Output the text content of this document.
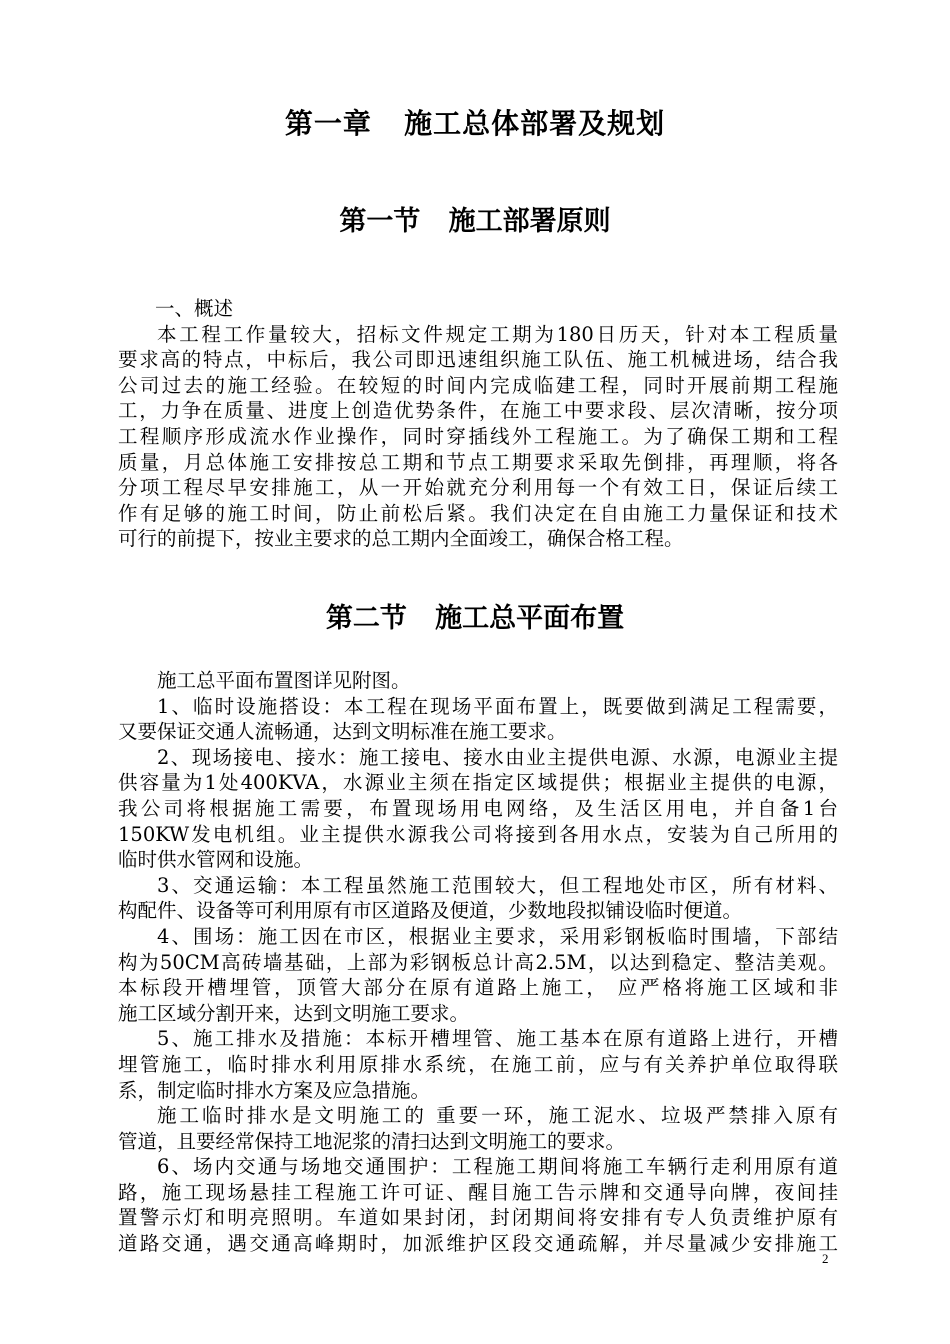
第一章   施工总体部署及规划
第一节   施工部署原则
一、概述
本工程工作量较大，招标文件规定工期为180日历天，针对本工程质量
要求高的特点，中标后，我公司即迅速组织施工队伍、施工机械进场，结合我
公司过去的施工经验。在较短的时间内完成临建工程，同时开展前期工程施
工，力争在质量、进度上创造优势条件，在施工中要求段、层次清晰，按分项
工程顺序形成流水作业操作，同时穿插线外工程施工。为了确保工期和工程
质量，月总体施工安排按总工期和节点工期要求采取先倒排，再理顺，将各
分项工程尽早安排施工，从一开始就充分利用每一个有效工日，保证后续工
作有足够的施工时间，防止前松后紧。我们决定在自由施工力量保证和技术
可行的前提下，按业主要求的总工期内全面竣工，确保合格工程。
第二节   施工总平面布置
施工总平面布置图详见附图。
1、临时设施搭设：本工程在现场平面布置上，既要做到满足工程需要，
又要保证交通人流畅通，达到文明标准在施工要求。
2、现场接电、接水：施工接电、接水由业主提供电源、水源，电源业主提
供容量为1处400KVA，水源业主须在指定区域提供；根据业主提供的电源，
我公司将根据施工需要，布置现场用电网络，及生活区用电，并自备1台
150KW发电机组。业主提供水源我公司将接到各用水点，安装为自己所用的
临时供水管网和设施。
3、交通运输：本工程虽然施工范围较大，但工程地处市区，所有材料、
构配件、设备等可利用原有市区道路及便道，少数地段拟铺设临时便道。
4、围场：施工因在市区，根据业主要求，采用彩钢板临时围墙，下部结
构为50CM高砖墙基础，上部为彩钢板总计高2.5M，以达到稳定、整洁美观。
本标段开槽埋管，顶管大部分在原有道路上施工， 应严格将施工区域和非
施工区域分割开来，达到文明施工要求。
5、施工排水及措施：本标开槽埋管、施工基本在原有道路上进行，开槽
埋管施工，临时排水利用原排水系统，在施工前，应与有关养护单位取得联
系，制定临时排水方案及应急措施。
施工临时排水是文明施工的 重要一环，施工泥水、垃圾严禁排入原有
管道，且要经常保持工地泥浆的清扫达到文明施工的要求。
6、场内交通与场地交通围护：工程施工期间将施工车辆行走利用原有道
路，施工现场悬挂工程施工许可证、醒目施工告示牌和交通导向牌，夜间挂
置警示灯和明亮照明。车道如果封闭，封闭期间将安排有专人负责维护原有
道路交通，遇交通高峰期时，加派维护区段交通疏解，并尽量减少安排施工
2
